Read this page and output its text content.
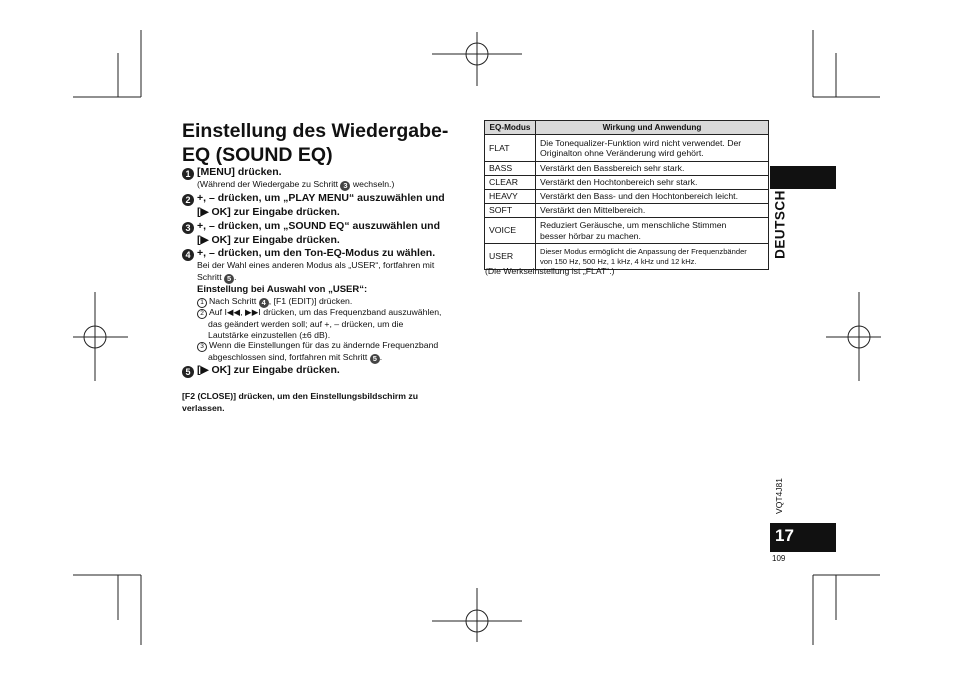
Einstellung des Wiedergabe-
EQ (SOUND EQ)
1 [MENU] drücken.
(Während der Wiedergabe zu Schritt 3 wechseln.)
2 +, – drücken, um „PLAY MENU“ auszuwählen und
[▶ OK] zur Eingabe drücken.
3 +, – drücken, um „SOUND EQ“ auszuwählen und
[▶ OK] zur Eingabe drücken.
4 +, – drücken, um den Ton-EQ-Modus zu wählen.
Bei der Wahl eines anderen Modus als „USER“, fortfahren mit
Schritt 5 .
Einstellung bei Auswahl von „USER“:
1 Nach Schritt 4 , [F1 (EDIT)] drücken.
2 Auf I◀◀, ▶▶I drücken, um das Frequenzband auszuwählen,
das geändert werden soll; auf +, – drücken, um die
Lautstärke einzustellen (±6 dB).
3 Wenn die Einstellungen für das zu ändernde Frequenzband
abgeschlossen sind, fortfahren mit Schritt 5 .
5 [▶ OK] zur Eingabe drücken.
[F2 (CLOSE)] drücken, um den Einstellungsbildschirm zu
verlassen.
EQ-Modus	Wirkung und Anwendung
FLAT	Die Tonequalizer-Funktion wird nicht verwendet. Der
Originalton ohne Veränderung wird gehört.
BASS	Verstärkt den Bassbereich sehr stark.
CLEAR	Verstärkt den Hochtonbereich sehr stark.
HEAVY	Verstärkt den Bass- und den Hochtonbereich leicht.
SOFT	Verstärkt den Mittelbereich.
VOICE	Reduziert Geräusche, um menschliche Stimmen
besser hörbar zu machen.
USER	Dieser Modus ermöglicht die Anpassung der Frequenzbänder
von 150 Hz, 500 Hz, 1 kHz, 4 kHz und 12 kHz.
(Die Werkseinstellung ist „FLAT“.)
DEUTSCH
VQT4J81
17
109
